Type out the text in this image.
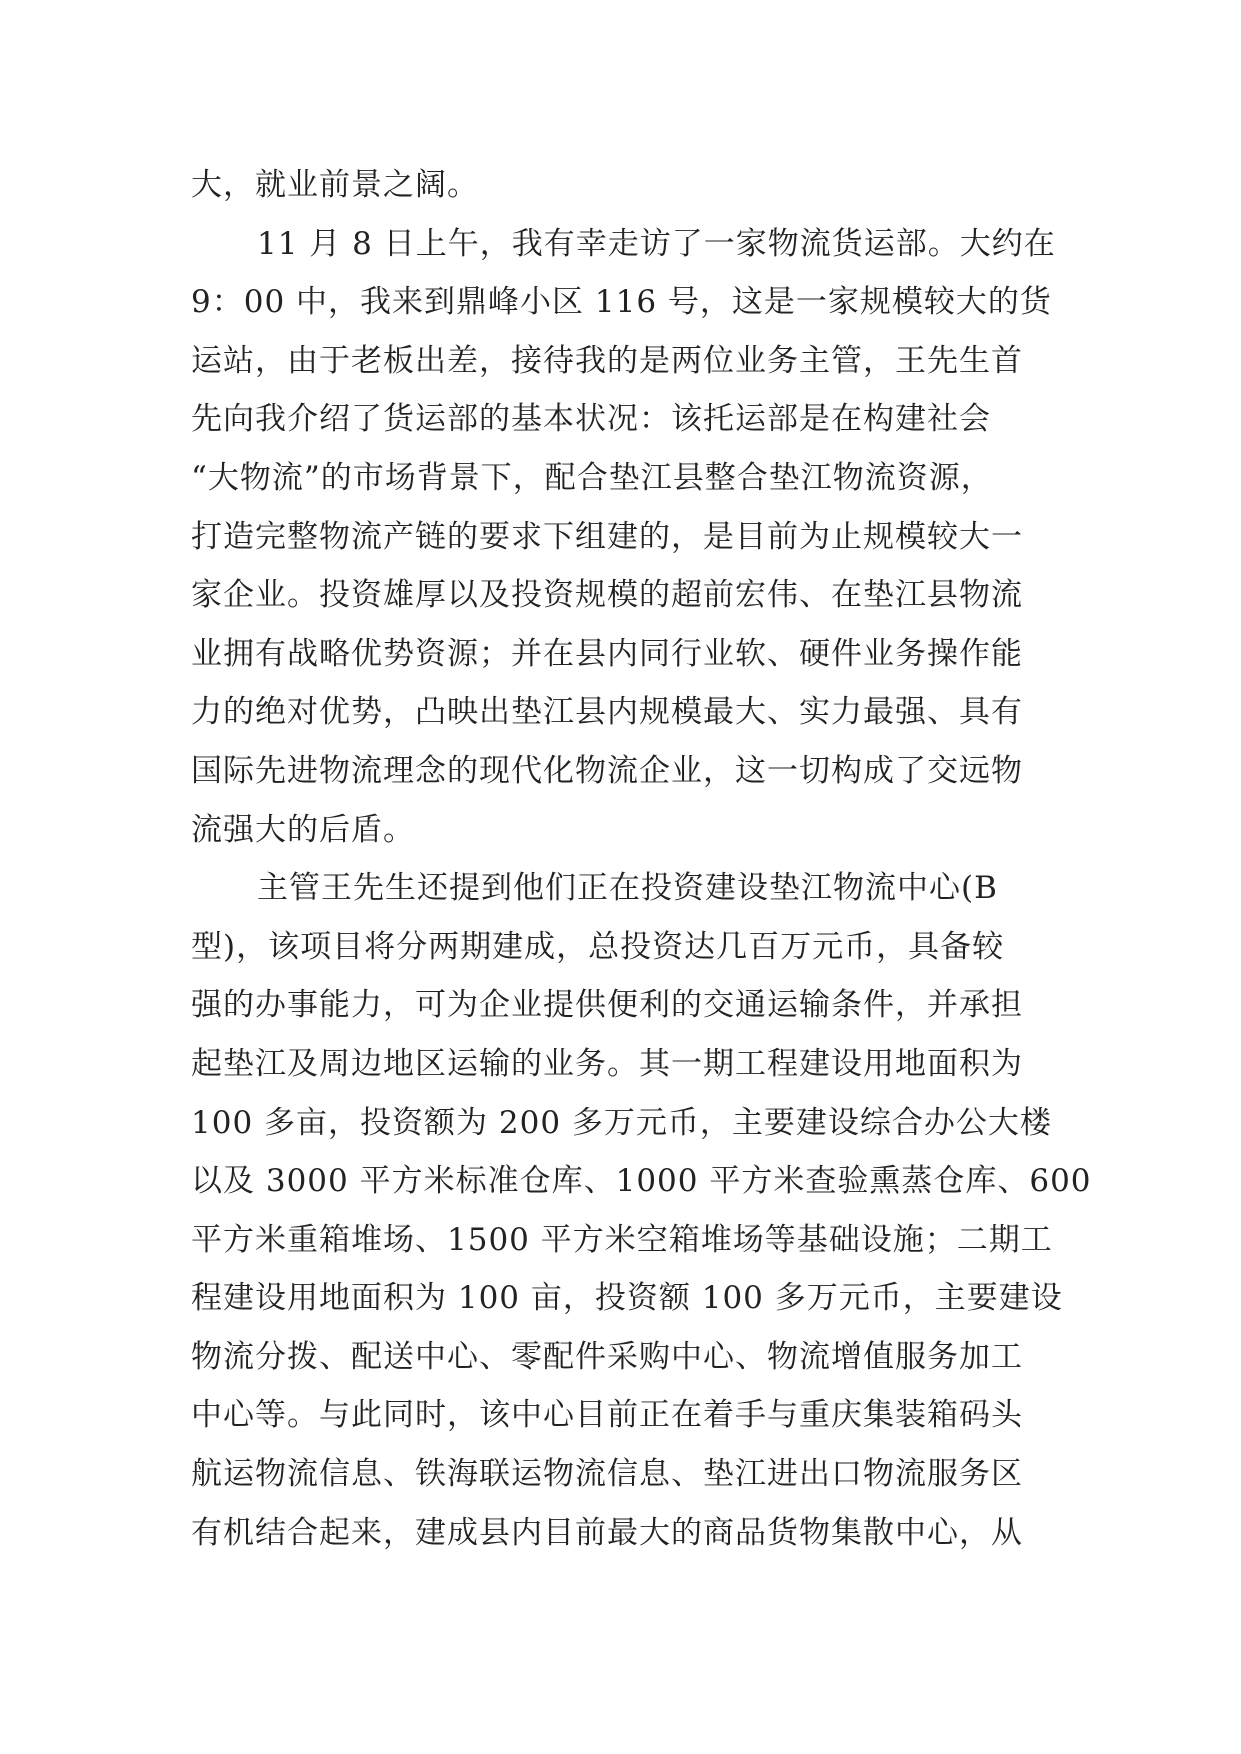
大，就业前景之阔。
11 月 8 日上午，我有幸走访了一家物流货运部。大约在
9：00 中，我来到鼎峰小区 116 号，这是一家规模较大的货
运站，由于老板出差，接待我的是两位业务主管，王先生首
先向我介绍了货运部的基本状况：该托运部是在构建社会
“大物流”的市场背景下，配合垫江县整合垫江物流资源，
打造完整物流产链的要求下组建的，是目前为止规模较大一
家企业。投资雄厚以及投资规模的超前宏伟、在垫江县物流
业拥有战略优势资源；并在县内同行业软、硬件业务操作能
力的绝对优势，凸映出垫江县内规模最大、实力最强、具有
国际先进物流理念的现代化物流企业，这一切构成了交远物
流强大的后盾。
主管王先生还提到他们正在投资建设垫江物流中心(B
型)，该项目将分两期建成，总投资达几百万元币，具备较
强的办事能力，可为企业提供便利的交通运输条件，并承担
起垫江及周边地区运输的业务。其一期工程建设用地面积为
100 多亩，投资额为 200 多万元币，主要建设综合办公大楼
以及 3000 平方米标准仓库、1000 平方米查验熏蒸仓库、600
平方米重箱堆场、1500 平方米空箱堆场等基础设施；二期工
程建设用地面积为 100 亩，投资额 100 多万元币，主要建设
物流分拨、配送中心、零配件采购中心、物流增值服务加工
中心等。与此同时，该中心目前正在着手与重庆集装箱码头
航运物流信息、铁海联运物流信息、垫江进出口物流服务区
有机结合起来，建成县内目前最大的商品货物集散中心，从
